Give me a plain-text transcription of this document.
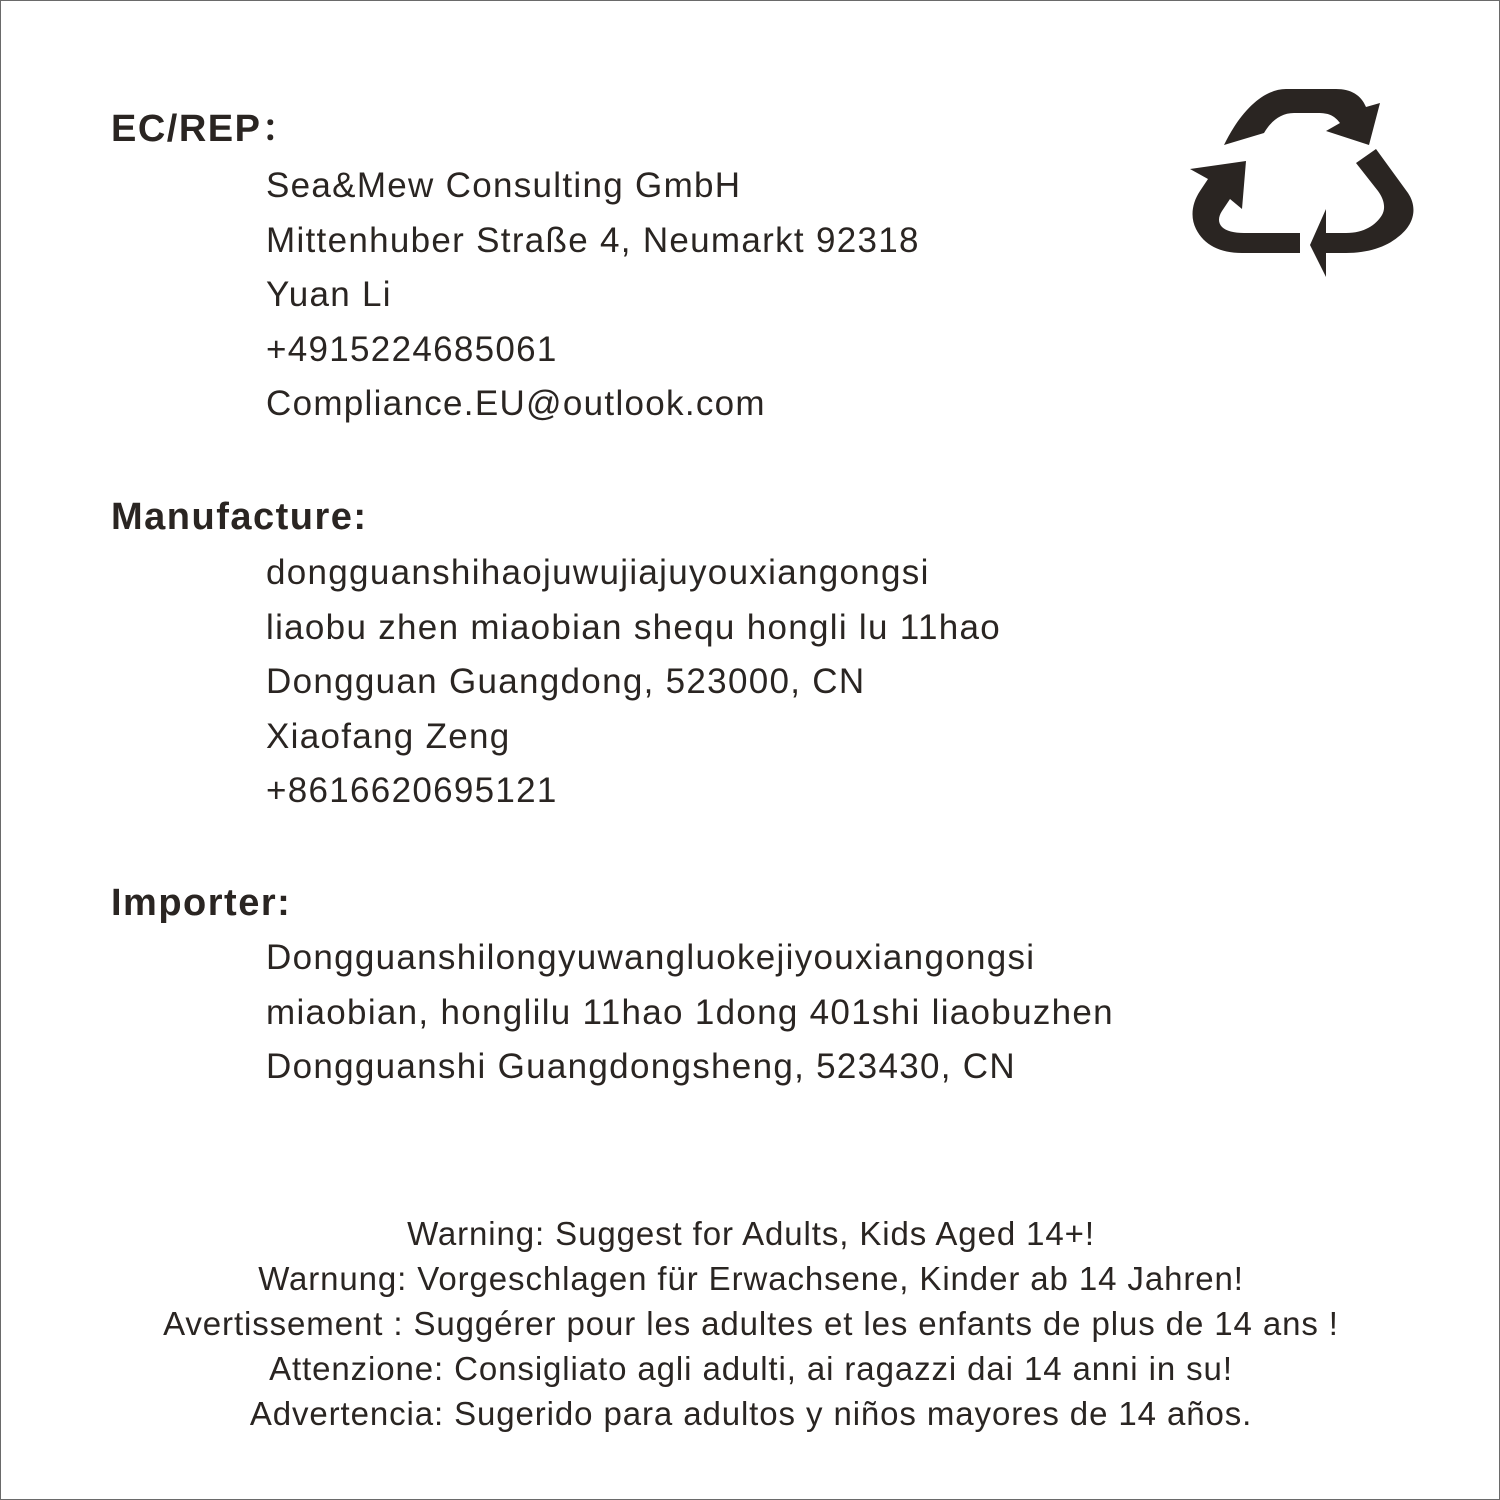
EC/REP：
Sea&Mew Consulting GmbH
Mittenhuber Straße 4, Neumarkt 92318
Yuan Li
+4915224685061
Compliance.EU@outlook.com
Manufacture:
dongguanshihaojuwujiajuyouxiangongsi
liaobu zhen miaobian shequ hongli lu 11hao
Dongguan Guangdong, 523000, CN
Xiaofang Zeng
+8616620695121
Importer:
Dongguanshilongyuwangluokejiyouxiangongsi
miaobian, honglilu 11hao 1dong 401shi liaobuzhen
Dongguanshi Guangdongsheng, 523430, CN
Warning: Suggest for Adults, Kids Aged 14+!
Warnung: Vorgeschlagen für Erwachsene, Kinder ab 14 Jahren!
Avertissement : Suggérer pour les adultes et les enfants de plus de 14 ans !
Attenzione: Consigliato agli adulti, ai ragazzi dai 14 anni in su!
Advertencia: Sugerido para adultos y niños mayores de 14 años.
